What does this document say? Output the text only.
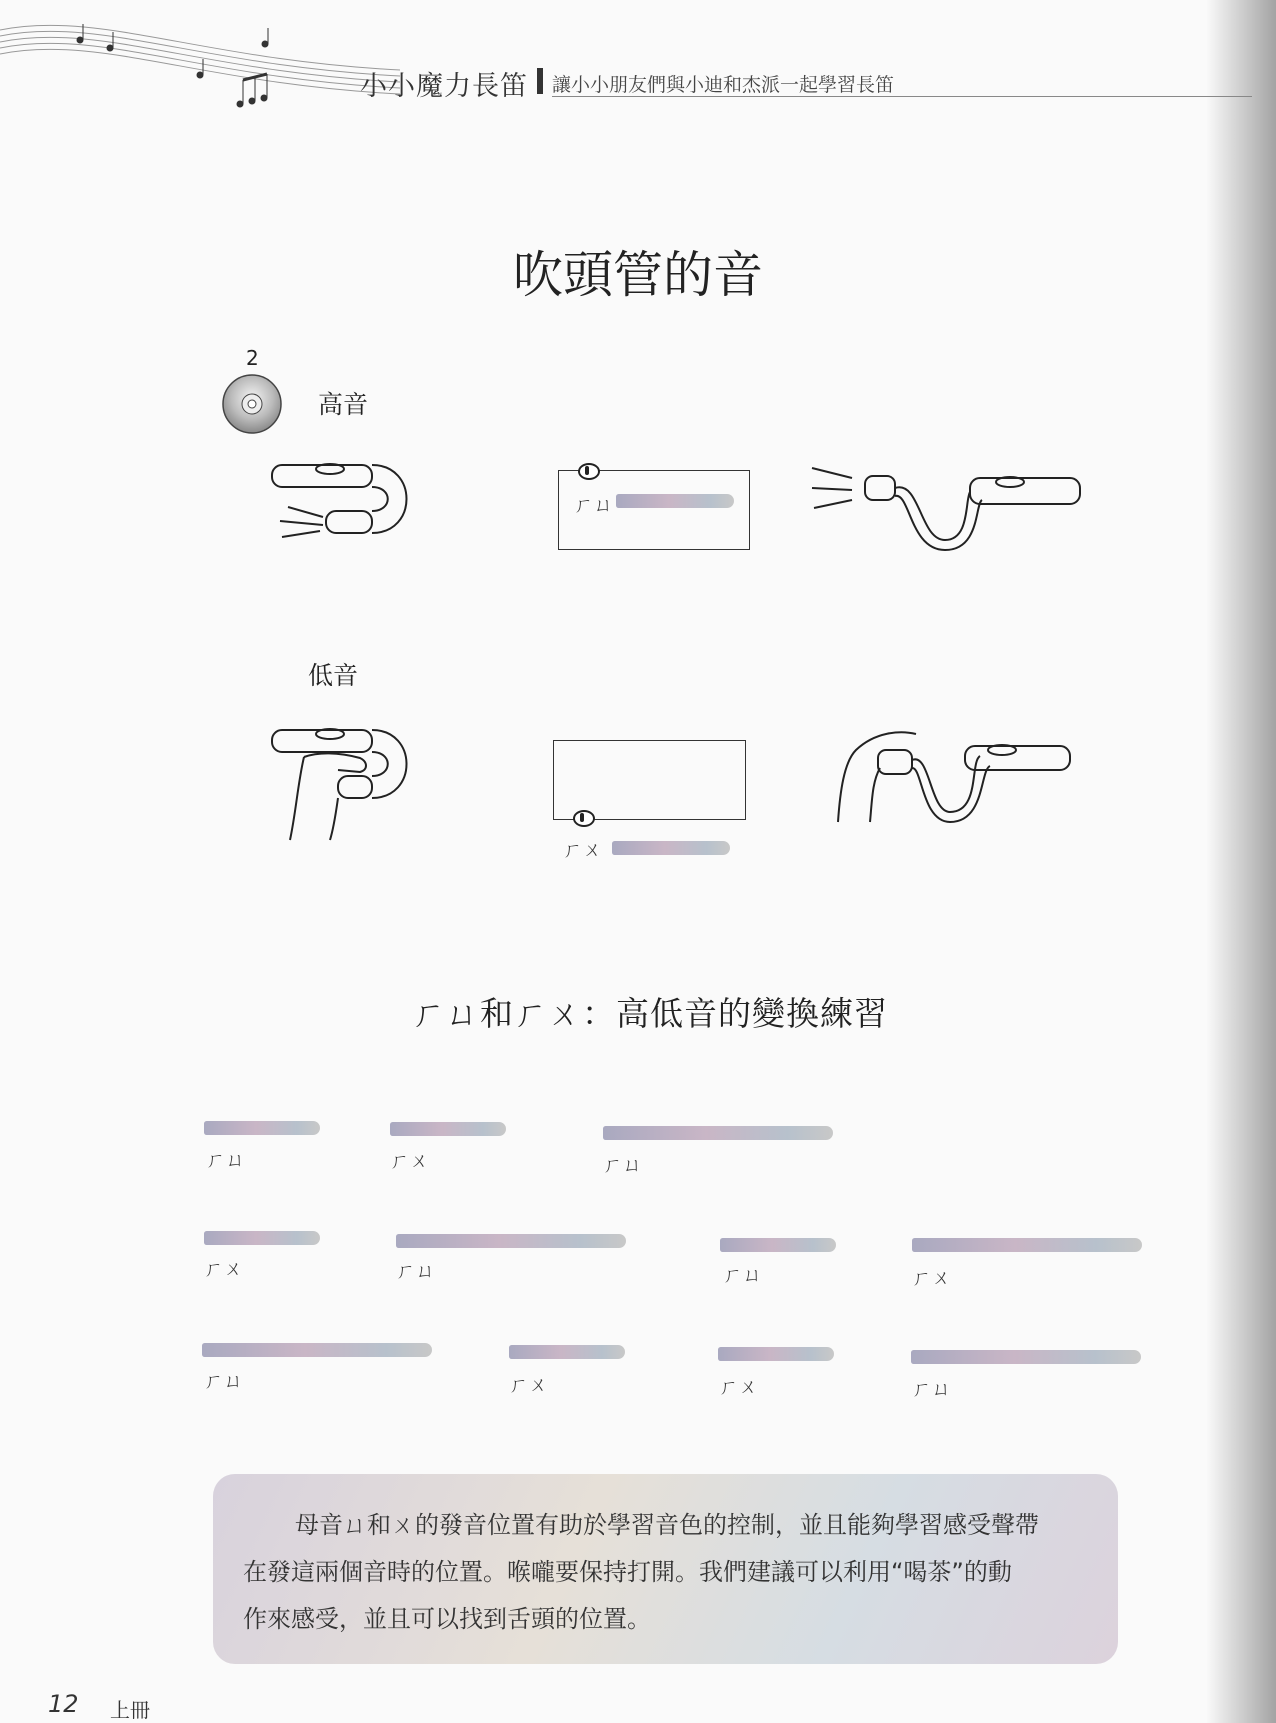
小小魔力長笛 讓小小朋友們與小迪和杰派一起學習長笛
吹頭管的音
2
高音
ㄏㄩ
低音
ㄏㄨ
ㄏㄩ和ㄏㄨ：高低音的變換練習
ㄏㄩ	ㄏㄨ	ㄏㄩ
ㄏㄨ	ㄏㄩ	ㄏㄩ	ㄏㄨ
ㄏㄩ	ㄏㄨ	ㄏㄨ	ㄏㄩ
母音ㄩ和ㄨ的發音位置有助於學習音色的控制，並且能夠學習感受聲帶
在發這兩個音時的位置。喉嚨要保持打開。我們建議可以利用“喝茶”的動
作來感受，並且可以找到舌頭的位置。
12 上冊
